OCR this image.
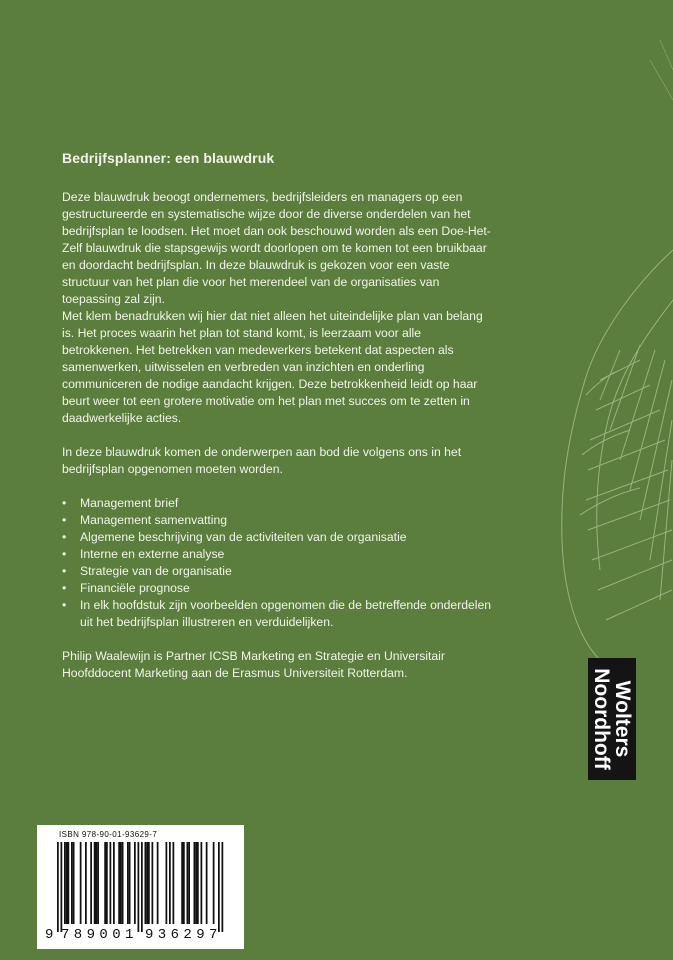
Bedrijfsplanner: een blauwdruk

Deze blauwdruk beoogt ondernemers, bedrijfsleiders en managers op een gestructureerde en systematische wijze door de diverse onderdelen van het bedrijfsplan te loodsen. Het moet dan ook beschouwd worden als een Doe-Het-Zelf blauwdruk die stapsgewijs wordt doorlopen om te komen tot een bruikbaar en doordacht bedrijfsplan. In deze blauwdruk is gekozen voor een vaste structuur van het plan die voor het merendeel van de organisaties van toepassing zal zijn.

Met klem benadrukken wij hier dat niet alleen het uiteindelijke plan van belang is. Het proces waarin het plan tot stand komt, is leerzaam voor alle betrokkenen. Het betrekken van medewerkers betekent dat aspecten als samenwerken, uitwisselen en verbreden van inzichten en onderling communiceren de nodige aandacht krijgen. Deze betrokkenheid leidt op haar beurt weer tot een grotere motivatie om het plan met succes om te zetten in daadwerkelijke acties.

In deze blauwdruk komen de onderwerpen aan bod die volgens ons in het bedrijfsplan opgenomen moeten worden.

• Management brief
• Management samenvatting
• Algemene beschrijving van de activiteiten van de organisatie
• Interne en externe analyse
• Strategie van de organisatie
• Financiële prognose
• In elk hoofdstuk zijn voorbeelden opgenomen die de betreffende onderdelen uit het bedrijfsplan illustreren en verduidelijken.

Philip Waalewijn is Partner ICSB Marketing en Strategie en Universitair Hoofddocent Marketing aan de Erasmus Universiteit Rotterdam.

Wolters
Noordhoff
ISBN 978-90-01-93629-7
9 789001 936297
